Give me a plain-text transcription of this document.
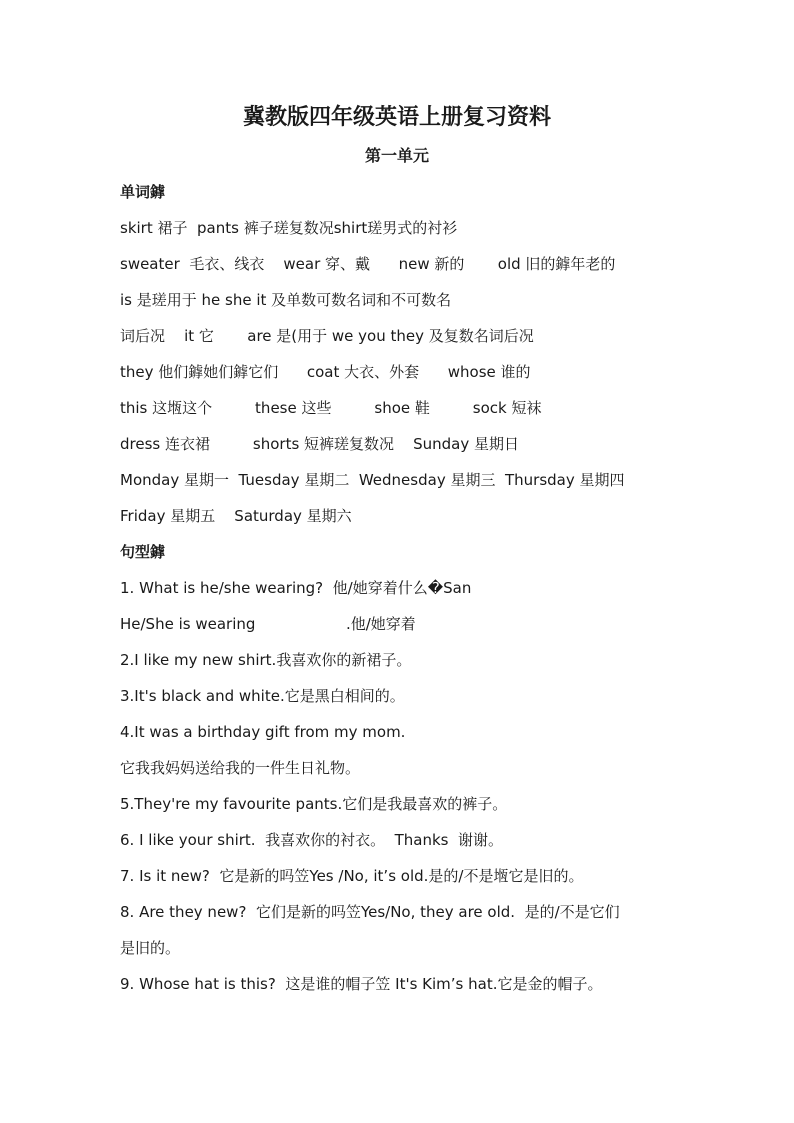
冀教版四年级英语上册复习资料
第一单元
单词鎼
skirt 裙子  pants 裤子瑳复数况shirt瑳男式的衬衫
sweater  毛衣、线衣    wear 穿、戴      new 新的       old 旧的鎼年老的
is 是瑳用于 he she it 及单数可数名词和不可数名
词后况    it 它       are 是(用于 we you they 及复数名词后况
they 他们鎼她们鎼它们      coat 大衣、外套      whose 谁的
this 这堩这个         these 这些         shoe 鞋         sock 短袜
dress 连衣裙         shorts 短裤瑳复数况    Sunday 星期日
Monday 星期一  Tuesday 星期二  Wednesday 星期三  Thursday 星期四
Friday 星期五    Saturday 星期六
句型鎼
1. What is he/she wearing?  他/她穿着什么�San
He/She is wearing                   .他/她穿着
2.I like my new shirt.我喜欢你的新裙子。
3.It's black and white.它是黑白相间的。
4.It was a birthday gift from my mom.
它我我妈妈送给我的一件生日礼物。
5.They're my favourite pants.它们是我最喜欢的裤子。
6. I like your shirt.  我喜欢你的衬衣。  Thanks  谢谢。
7. Is it new?  它是新的吗笠Yes /No, it’s old.是的/不是堩它是旧的。
8. Are they new?  它们是新的吗笠Yes/No, they are old.  是的/不是它们
是旧的。
9. Whose hat is this?  这是谁的帽子笠 It's Kim’s hat.它是金的帽子。
